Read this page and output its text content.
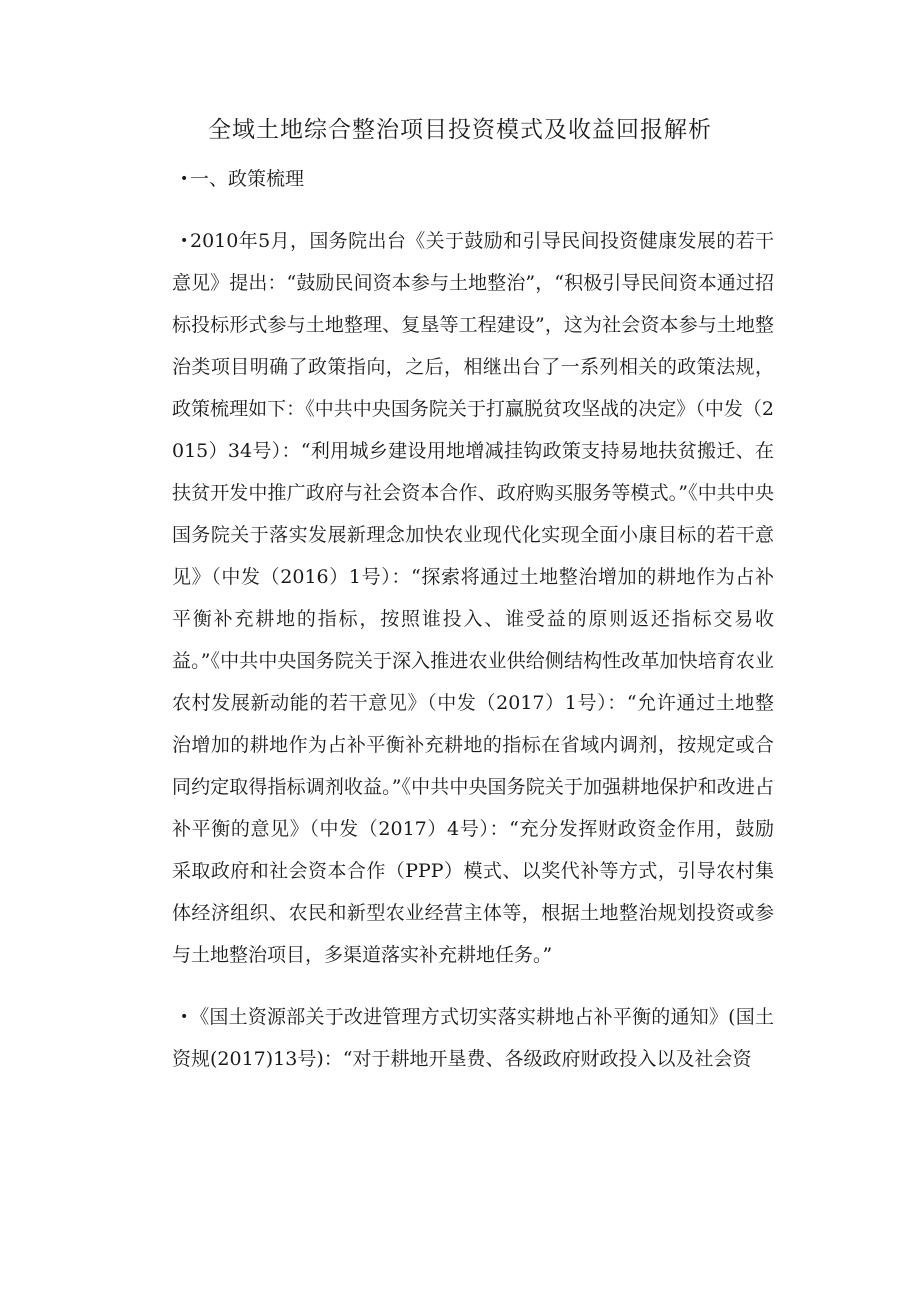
全域土地综合整治项目投资模式及收益回报解析

•一、政策梳理

•2010年5月，国务院出台《关于鼓励和引导民间投资健康发展的若干意见》提出：“鼓励民间资本参与土地整治”，“积极引导民间资本通过招标投标形式参与土地整理、复垦等工程建设”，这为社会资本参与土地整治类项目明确了政策指向，之后，相继出台了一系列相关的政策法规，政策梳理如下：《中共中央国务院关于打赢脱贫攻坚战的决定》（中发（2015）34号）：“利用城乡建设用地增减挂钩政策支持易地扶贫搬迁、在扶贫开发中推广政府与社会资本合作、政府购买服务等模式。”《中共中央国务院关于落实发展新理念加快农业现代化实现全面小康目标的若干意见》（中发（2016）1号）：“探索将通过土地整治增加的耕地作为占补平衡补充耕地的指标，按照谁投入、谁受益的原则返还指标交易收益。”《中共中央国务院关于深入推进农业供给侧结构性改革加快培育农业农村发展新动能的若干意见》（中发（2017）1号）：“允许通过土地整治增加的耕地作为占补平衡补充耕地的指标在省域内调剂，按规定或合同约定取得指标调剂收益。”《中共中央国务院关于加强耕地保护和改进占补平衡的意见》（中发（2017）4号）：“充分发挥财政资金作用，鼓励采取政府和社会资本合作（PPP）模式、以奖代补等方式，引导农村集体经济组织、农民和新型农业经营主体等，根据土地整治规划投资或参与土地整治项目，多渠道落实补充耕地任务。”

•《国土资源部关于改进管理方式切实落实耕地占补平衡的通知》(国土资规(2017)13号)：“对于耕地开垦费、各级政府财政投入以及社会资
